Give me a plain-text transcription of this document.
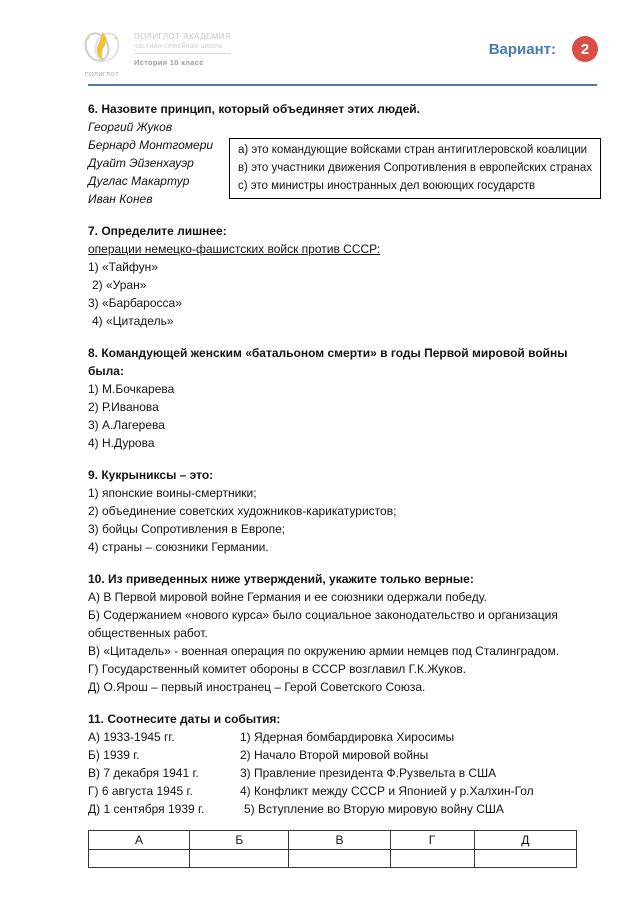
ПОЛИГЛОТ
ПОЛИГЛОТ-АКАДЕМИЯ
частная семейная школа
История 10 класс
Вариант:	2
6. Назовите принцип, который объединяет этих людей.
Георгий Жуков
Бернард Монтгомери
Дуайт Эйзенхауэр
Дуглас Макартур
Иван Конев
а) это командующие войсками стран антигитлеровской коалиции
в) это участники движения Сопротивления в европейских странах
с) это министры иностранных дел воюющих государств
7. Определите лишнее:
операции немецко-фашистских войск против СССР:
1) «Тайфун»
2) «Уран»
3) «Барбаросса»
4) «Цитадель»
8. Командующей женским «батальоном смерти» в годы Первой мировой войны была:
1) М.Бочкарева
2) Р.Иванова
3) А.Лагерева
4) Н.Дурова
9. Кукрыниксы – это:
1) японские воины-смертники;
2) объединение советских художников-карикатуристов;
3) бойцы Сопротивления в Европе;
4) страны – союзники Германии.
10. Из приведенных ниже утверждений, укажите только верные:
А) В Первой мировой войне Германия и ее союзники одержали победу.
Б) Содержанием «нового курса» было социальное законодательство и организация общественных работ.
В) «Цитадель» - военная операция по окружению армии немцев под Сталинградом.
Г) Государственный комитет обороны в СССР возглавил Г.К.Жуков.
Д) О.Ярош – первый иностранец – Герой Советского Союза.
11. Соотнесите даты и события:
А) 1933-1945 гг.	1) Ядерная бомбардировка Хиросимы
Б) 1939 г.	2) Начало Второй мировой войны
В) 7 декабря 1941 г.	3) Правление президента Ф.Рузвельта в США
Г) 6 августа 1945 г.	4) Конфликт между СССР и Японией у р.Халхин-Гол
Д) 1 сентября 1939 г.	5) Вступление во Вторую мировую войну США
А	Б	В	Г	Д
